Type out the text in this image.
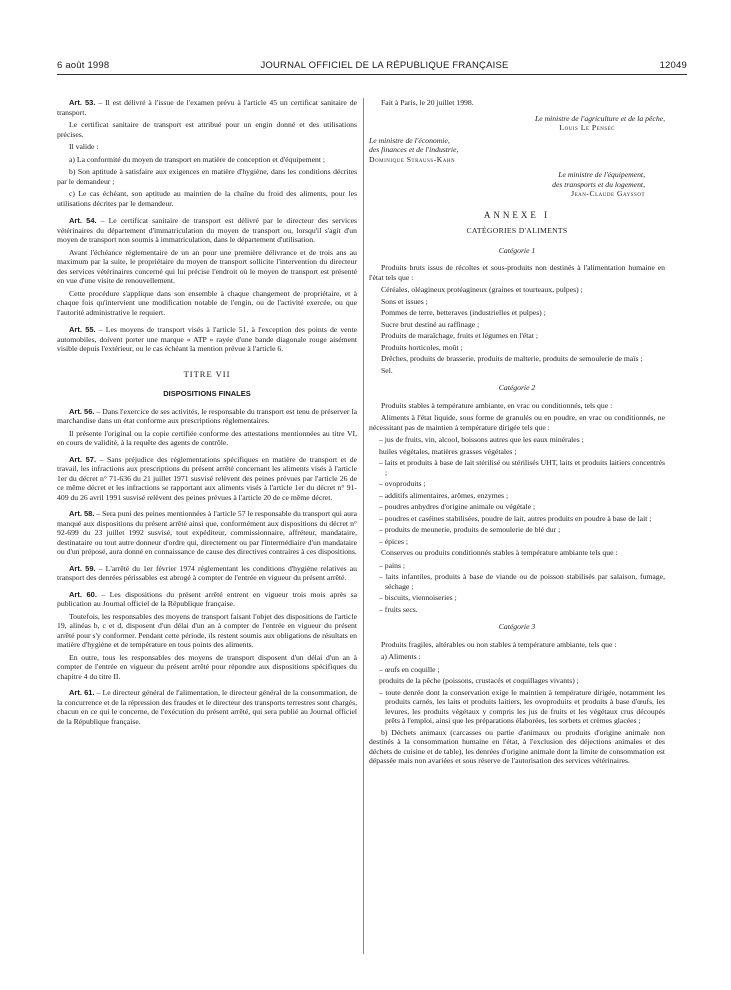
6 août 1998	JOURNAL OFFICIEL DE LA RÉPUBLIQUE FRANÇAISE	12049

Art. 53. – Il est délivré à l'issue de l'examen prévu à l'article 45 un certificat sanitaire de transport.

Le certificat sanitaire de transport est attribué pour un engin donné et des utilisations précises.

Il valide :

a) La conformité du moyen de transport en matière de conception et d'équipement ;

b) Son aptitude à satisfaire aux exigences en matière d'hygiène, dans les conditions décrites par le demandeur ;

c) Le cas échéant, son aptitude au maintien de la chaîne du froid des aliments, pour les utilisations décrites par le demandeur.

Art. 54. – Le certificat sanitaire de transport est délivré par le directeur des services vétérinaires du département d'immatriculation du moyen de transport ou, lorsqu'il s'agit d'un moyen de transport non soumis à immatriculation, dans le département d'utilisation.

Avant l'échéance réglementaire de un an pour une première délivrance et de trois ans au maximum par la suite, le propriétaire du moyen de transport sollicite l'intervention du directeur des services vétérinaires concerné qui lui précise l'endroit où le moyen de transport est présenté en vue d'une visite de renouvellement.

Cette procédure s'applique dans son ensemble à chaque changement de propriétaire, et à chaque fois qu'intervient une modification notable de l'engin, ou de l'activité exercée, ou que l'autorité administrative le requiert.

Art. 55. – Les moyens de transport visés à l'article 51, à l'exception des points de vente automobiles, doivent porter une marque « ATP » rayée d'une bande diagonale rouge aisément visible depuis l'extérieur, ou le cas échéant la mention prévue à l'article 6.

TITRE VII
DISPOSITIONS FINALES

Art. 56. – Dans l'exercice de ses activités, le responsable du transport est tenu de préserver la marchandise dans un état conforme aux prescriptions réglementaires.

Il présente l'original ou la copie certifiée conforme des attestations mentionnées au titre VI, en cours de validité, à la requête des agents de contrôle.

Art. 57. – Sans préjudice des réglementations spécifiques en matière de transport et de travail, les infractions aux prescriptions du présent arrêté concernant les aliments visés à l'article 1er du décret n° 71-636 du 21 juillet 1971 susvisé relèvent des peines prévues par l'article 26 de ce même décret et les infractions se rapportant aux aliments visés à l'article 1er du décret n° 91-409 du 26 avril 1991 susvisé relèvent des peines prévues à l'article 20 de ce même décret.

Art. 58. – Sera puni des peines mentionnées à l'article 57 le responsable du transport qui aura manqué aux dispositions du présent arrêté ainsi que, conformément aux dispositions du décret n° 92-699 du 23 juillet 1992 susvisé, tout expéditeur, commissionnaire, affréteur, mandataire, destinataire ou tout autre donneur d'ordre qui, directement ou par l'intermédiaire d'un mandataire ou d'un préposé, aura donné en connaissance de cause des directives contraires à ces dispositions.

Art. 59. – L'arrêté du 1er février 1974 réglementant les conditions d'hygiène relatives au transport des denrées périssables est abrogé à compter de l'entrée en vigueur du présent arrêté.

Art. 60. – Les dispositions du présent arrêté entrent en vigueur trois mois après sa publication au Journal officiel de la République française.

Toutefois, les responsables des moyens de transport faisant l'objet des dispositions de l'article 19, alinéas b, c et d, disposent d'un délai d'un an à compter de l'entrée en vigueur du présent arrêté pour s'y conformer. Pendant cette période, ils restent soumis aux obligations de résultats en matière d'hygiène et de température en tous points des aliments.

En outre, tous les responsables des moyens de transport disposent d'un délai d'un an à compter de l'entrée en vigueur du présent arrêté pour répondre aux dispositions spécifiques du chapitre 4 du titre II.

Art. 61. – Le directeur général de l'alimentation, le directeur général de la consommation, de la concurrence et de la répression des fraudes et le directeur des transports terrestres sont chargés, chacun en ce qui le concerne, de l'exécution du présent arrêté, qui sera publié au Journal officiel de la République française.

Fait à Paris, le 20 juillet 1998.

Le ministre de l'agriculture et de la pêche,

Louis Le Pensec

Le ministre de l'économie,

des finances et de l'industrie,

Dominique Strauss-Kahn

Le ministre de l'équipement,

des transports et du logement,

Jean-Claude Gayssot

ANNEXE I
CATÉGORIES D'ALIMENTS
Catégorie 1

Produits bruts issus de récoltes et sous-produits non destinés à l'alimentation humaine en l'état tels que :

Céréales, oléagineux protéagineux (graines et tourteaux, pulpes) ;

Sons et issues ;

Pommes de terre, betteraves (industrielles et pulpes) ;

Sucre brut destiné au raffinage ;

Produits de maraîchage, fruits et légumes en l'état ;

Produits horticoles, moût ;

Drêches, produits de brasserie, produits de malterie, produits de semoulerie de maïs ;

Sel.

Catégorie 2

Produits stables à température ambiante, en vrac ou conditionnés, tels que :

Aliments à l'état liquide, sous forme de granulés ou en poudre, en vrac ou conditionnés, ne nécessitant pas de maintien à température dirigée tels que :

– jus de fruits, vin, alcool, boissons autres que les eaux minérales ;

huiles végétales, matières grasses végétales ;

– laits et produits à base de lait stérilisé ou stérilisés UHT, laits et produits laitiers concentrés ;

– ovoproduits ;

– additifs alimentaires, arômes, enzymes ;

– poudres anhydres d'origine animale ou végétale ;

– poudres et caséines stabilisées, poudre de lait, autres produits en poudre à base de lait ;

– produits de meunerie, produits de semoulerie de blé dur ;

– épices ;

Conserves ou produits conditionnés stables à température ambiante tels que :

– pains ;

– laits infantiles, produits à base de viande ou de poisson stabilisés par salaison, fumage, séchage ;

– biscuits, viennoiseries ;

– fruits secs.

Catégorie 3

Produits fragiles, altérables ou non stables à température ambiante, tels que :

a) Aliments :

– œufs en coquille ;

produits de la pêche (poissons, crustacés et coquillages vivants) ;

– toute denrée dont la conservation exige le maintien à température dirigée, notamment les produits carnés, les laits et produits laitiers, les ovoproduits et produits à base d'œufs, les levures, les produits végétaux y compris les jus de fruits et les végétaux crus découpés prêts à l'emploi, ainsi que les préparations élaborées, les sorbets et crèmes glacées ;

b) Déchets animaux (carcasses ou partie d'animaux ou produits d'origine animale non destinés à la consommation humaine en l'état, à l'exclusion des déjections animales et des déchets de cuisine et de table), les denrées d'origine animale dont la limite de consommation est dépassée mais non avariées et sous réserve de l'autorisation des services vétérinaires.
